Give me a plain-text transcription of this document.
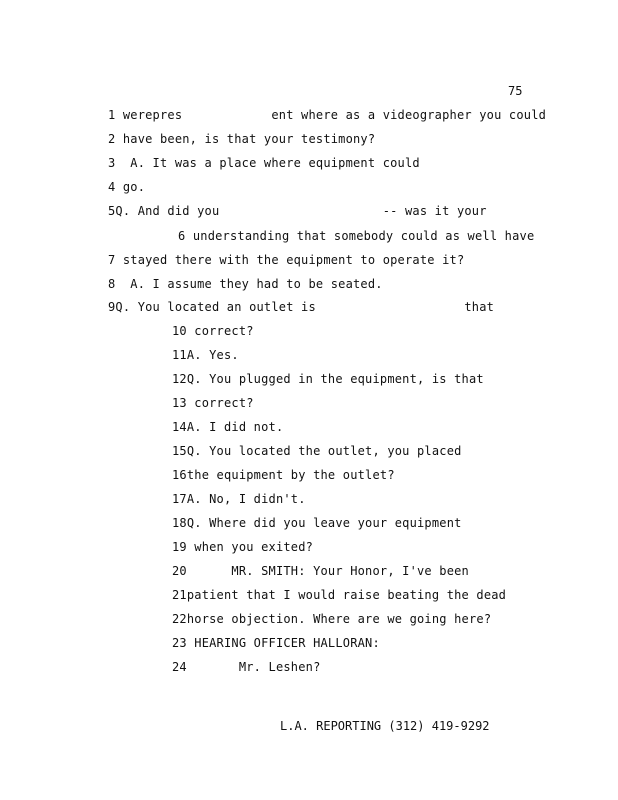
75
1 werepres            ent where as a videographer you could
2 have been, is that your testimony?
3  A. It was a place where equipment could
4 go.
5Q. And did you                      -- was it your
6 understanding that somebody could as well have
7 stayed there with the equipment to operate it?
8  A. I assume they had to be seated.
9Q. You located an outlet is                    that
10 correct?
11A. Yes.
12Q. You plugged in the equipment, is that
13 correct?
14A. I did not.
15Q. You located the outlet, you placed
16the equipment by the outlet?
17A. No, I didn't.
18Q. Where did you leave your equipment
19 when you exited?
20      MR. SMITH: Your Honor, I've been
21patient that I would raise beating the dead
22horse objection. Where are we going here?
23 HEARING OFFICER HALLORAN:
24       Mr. Leshen?
L.A. REPORTING (312) 419-9292
